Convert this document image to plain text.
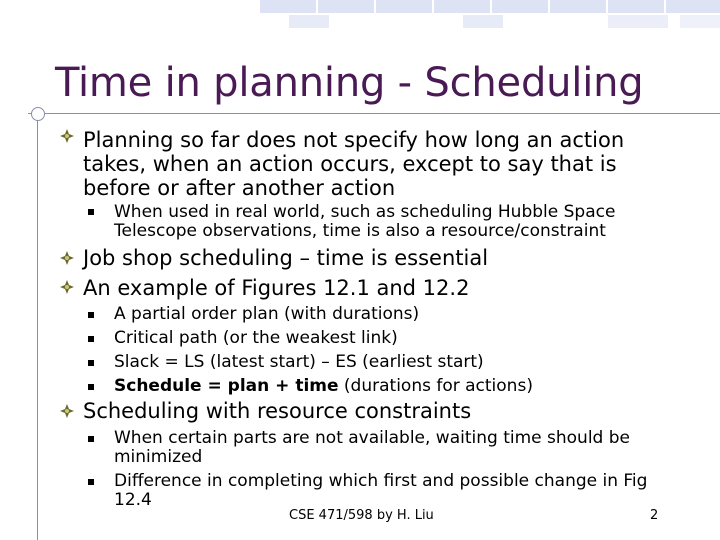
Time in planning - Scheduling
Planning so far does not specify how long an action takes, when an action occurs, except to say that is before or after another action
Job shop scheduling – time is essential
An example of Figures 12.1 and 12.2
Scheduling with resource constraints
When used in real world, such as scheduling Hubble Space Telescope observations, time is also a resource/constraint
A partial order plan (with durations)
Critical path (or the weakest link)
Slack = LS (latest start) – ES (earliest start)
Schedule = plan + time (durations for actions)
When certain parts are not available, waiting time should be minimized
Difference in completing which first and possible change in Fig 12.4
CSE 471/598 by H. Liu	2
